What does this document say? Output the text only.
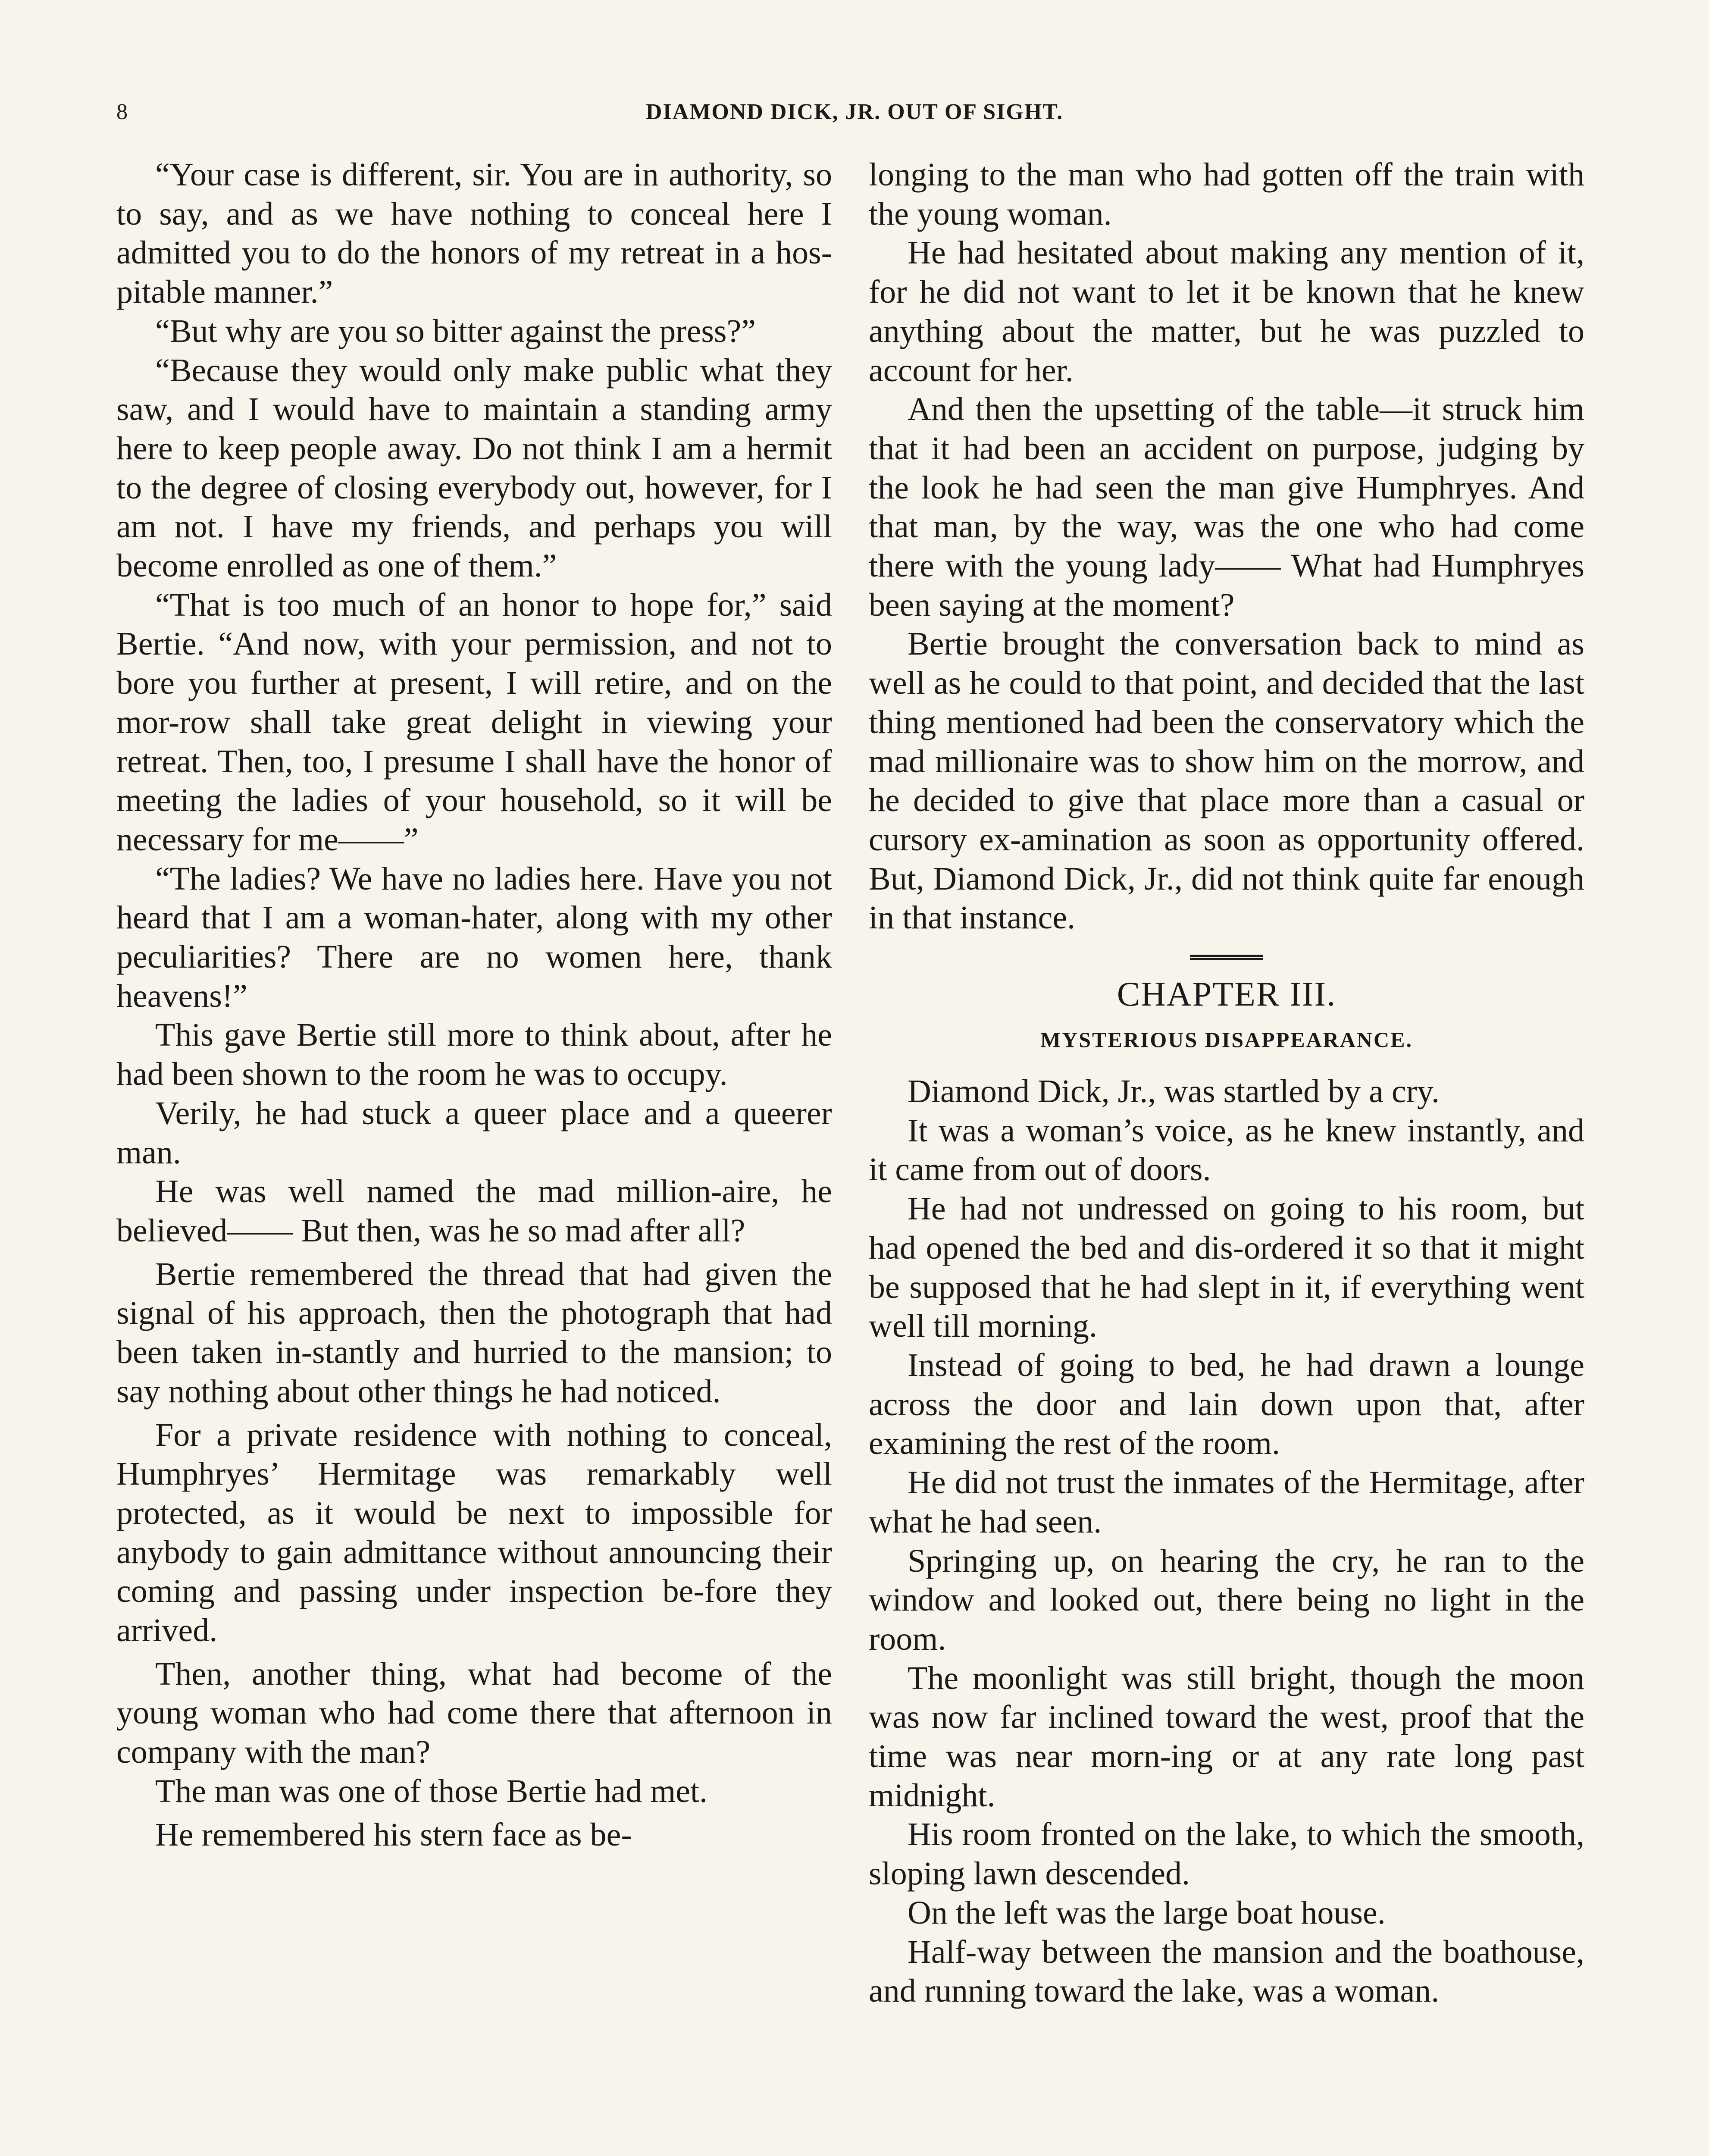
8	DIAMOND DICK, JR. OUT OF SIGHT.

“Your case is different, sir. You are in authority, so to say, and as we have nothing to conceal here I admitted you to do the honors of my retreat in a hos-pitable manner.”

“But why are you so bitter against the press?”

“Because they would only make public what they saw, and I would have to maintain a standing army here to keep people away. Do not think I am a hermit to the degree of closing everybody out, however, for I am not. I have my friends, and perhaps you will become enrolled as one of them.”

“That is too much of an honor to hope for,” said Bertie. “And now, with your permission, and not to bore you further at present, I will retire, and on the mor-row shall take great delight in viewing your retreat. Then, too, I presume I shall have the honor of meeting the ladies of your household, so it will be necessary for me——”

“The ladies? We have no ladies here. Have you not heard that I am a woman-hater, along with my other peculiarities? There are no women here, thank heavens!”

This gave Bertie still more to think about, after he had been shown to the room he was to occupy.

Verily, he had stuck a queer place and a queerer man.

He was well named the mad million-aire, he believed—— But then, was he so mad after all?

Bertie remembered the thread that had given the signal of his approach, then the photograph that had been taken in-stantly and hurried to the mansion; to say nothing about other things he had noticed.

For a private residence with nothing to conceal, Humphryes’ Hermitage was remarkably well protected, as it would be next to impossible for anybody to gain admittance without announcing their coming and passing under inspection be-fore they arrived.

Then, another thing, what had become of the young woman who had come there that afternoon in company with the man?

The man was one of those Bertie had met.

He remembered his stern face as be-

longing to the man who had gotten off the train with the young woman.

He had hesitated about making any mention of it, for he did not want to let it be known that he knew anything about the matter, but he was puzzled to account for her.

And then the upsetting of the table—it struck him that it had been an accident on purpose, judging by the look he had seen the man give Humphryes. And that man, by the way, was the one who had come there with the young lady—— What had Humphryes been saying at the moment?

Bertie brought the conversation back to mind as well as he could to that point, and decided that the last thing mentioned had been the conservatory which the mad millionaire was to show him on the morrow, and he decided to give that place more than a casual or cursory ex-amination as soon as opportunity offered. But, Diamond Dick, Jr., did not think quite far enough in that instance.

CHAPTER III.
MYSTERIOUS DISAPPEARANCE.

Diamond Dick, Jr., was startled by a cry.

It was a woman’s voice, as he knew instantly, and it came from out of doors.

He had not undressed on going to his room, but had opened the bed and dis-ordered it so that it might be supposed that he had slept in it, if everything went well till morning.

Instead of going to bed, he had drawn a lounge across the door and lain down upon that, after examining the rest of the room.

He did not trust the inmates of the Hermitage, after what he had seen.

Springing up, on hearing the cry, he ran to the window and looked out, there being no light in the room.

The moonlight was still bright, though the moon was now far inclined toward the west, proof that the time was near morn-ing or at any rate long past midnight.

His room fronted on the lake, to which the smooth, sloping lawn descended.

On the left was the large boat house.

Half-way between the mansion and the boathouse, and running toward the lake, was a woman.
